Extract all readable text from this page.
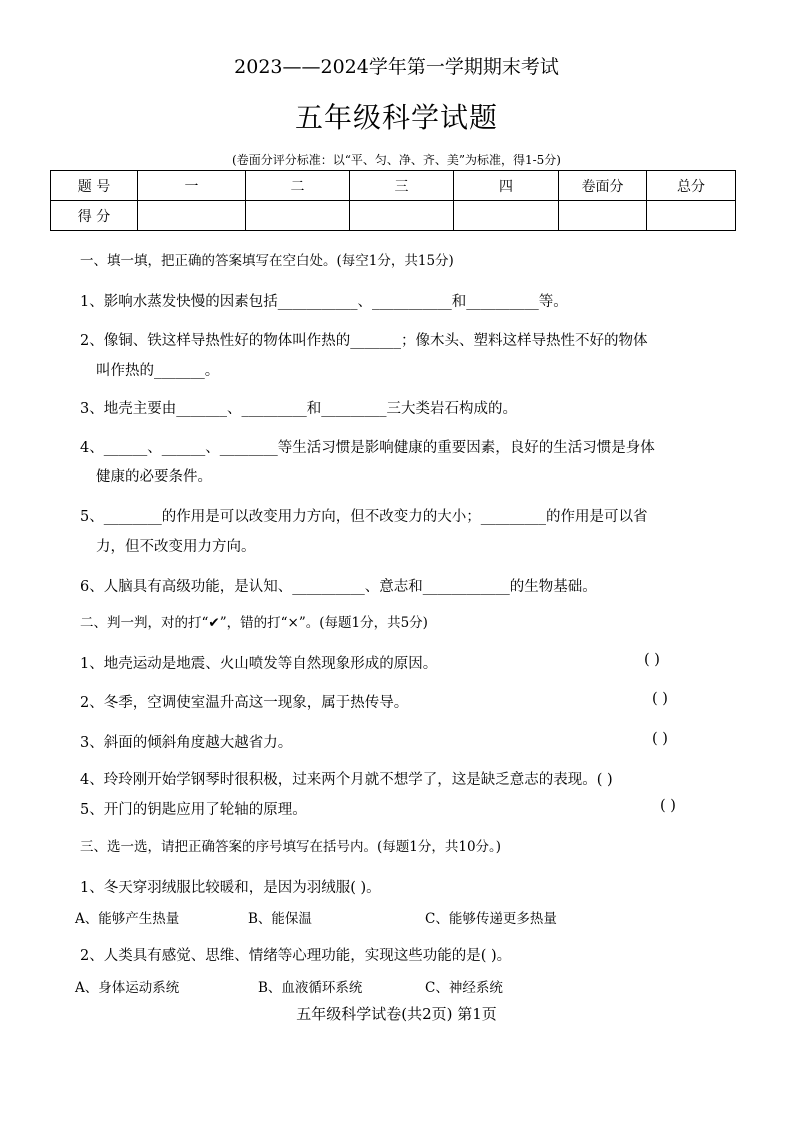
2023——2024学年第一学期期末考试
五年级科学试题
(卷面分评分标准：以“平、匀、净、齐、美”为标准，得1-5分)
题 号	一	二	三	四	卷面分	总分
得 分						
一、填一填，把正确的答案填写在空白处。(每空1分，共15分)
1、影响水蒸发快慢的因素包括___________、___________和__________等。
2、像铜、铁这样导热性好的物体叫作热的_______；像木头、塑料这样导热性不好的物体
叫作热的_______。
3、地壳主要由_______、_________和_________三大类岩石构成的。
4、______、______、________等生活习惯是影响健康的重要因素，良好的生活习惯是身体
健康的必要条件。
5、________的作用是可以改变用力方向，但不改变力的大小；_________的作用是可以省
力，但不改变用力方向。
6、人脑具有高级功能，是认知、__________、意志和____________的生物基础。
二、判一判，对的打“✔”，错的打“×”。(每题1分，共5分)
1、地壳运动是地震、火山喷发等自然现象形成的原因。	( )
2、冬季，空调使室温升高这一现象，属于热传导。	( )
3、斜面的倾斜角度越大越省力。	( )
4、玲玲刚开始学钢琴时很积极，过来两个月就不想学了，这是缺乏意志的表现。( )
5、开门的钥匙应用了轮轴的原理。	( )
三、选一选，请把正确答案的序号填写在括号内。(每题1分，共10分。)
1、冬天穿羽绒服比较暖和，是因为羽绒服( )。
A、能够产生热量	B、能保温	C、能够传递更多热量
2、人类具有感觉、思维、情绪等心理功能，实现这些功能的是( )。
A、身体运动系统	B、血液循环系统	C、神经系统
五年级科学试卷(共2页) 第1页
